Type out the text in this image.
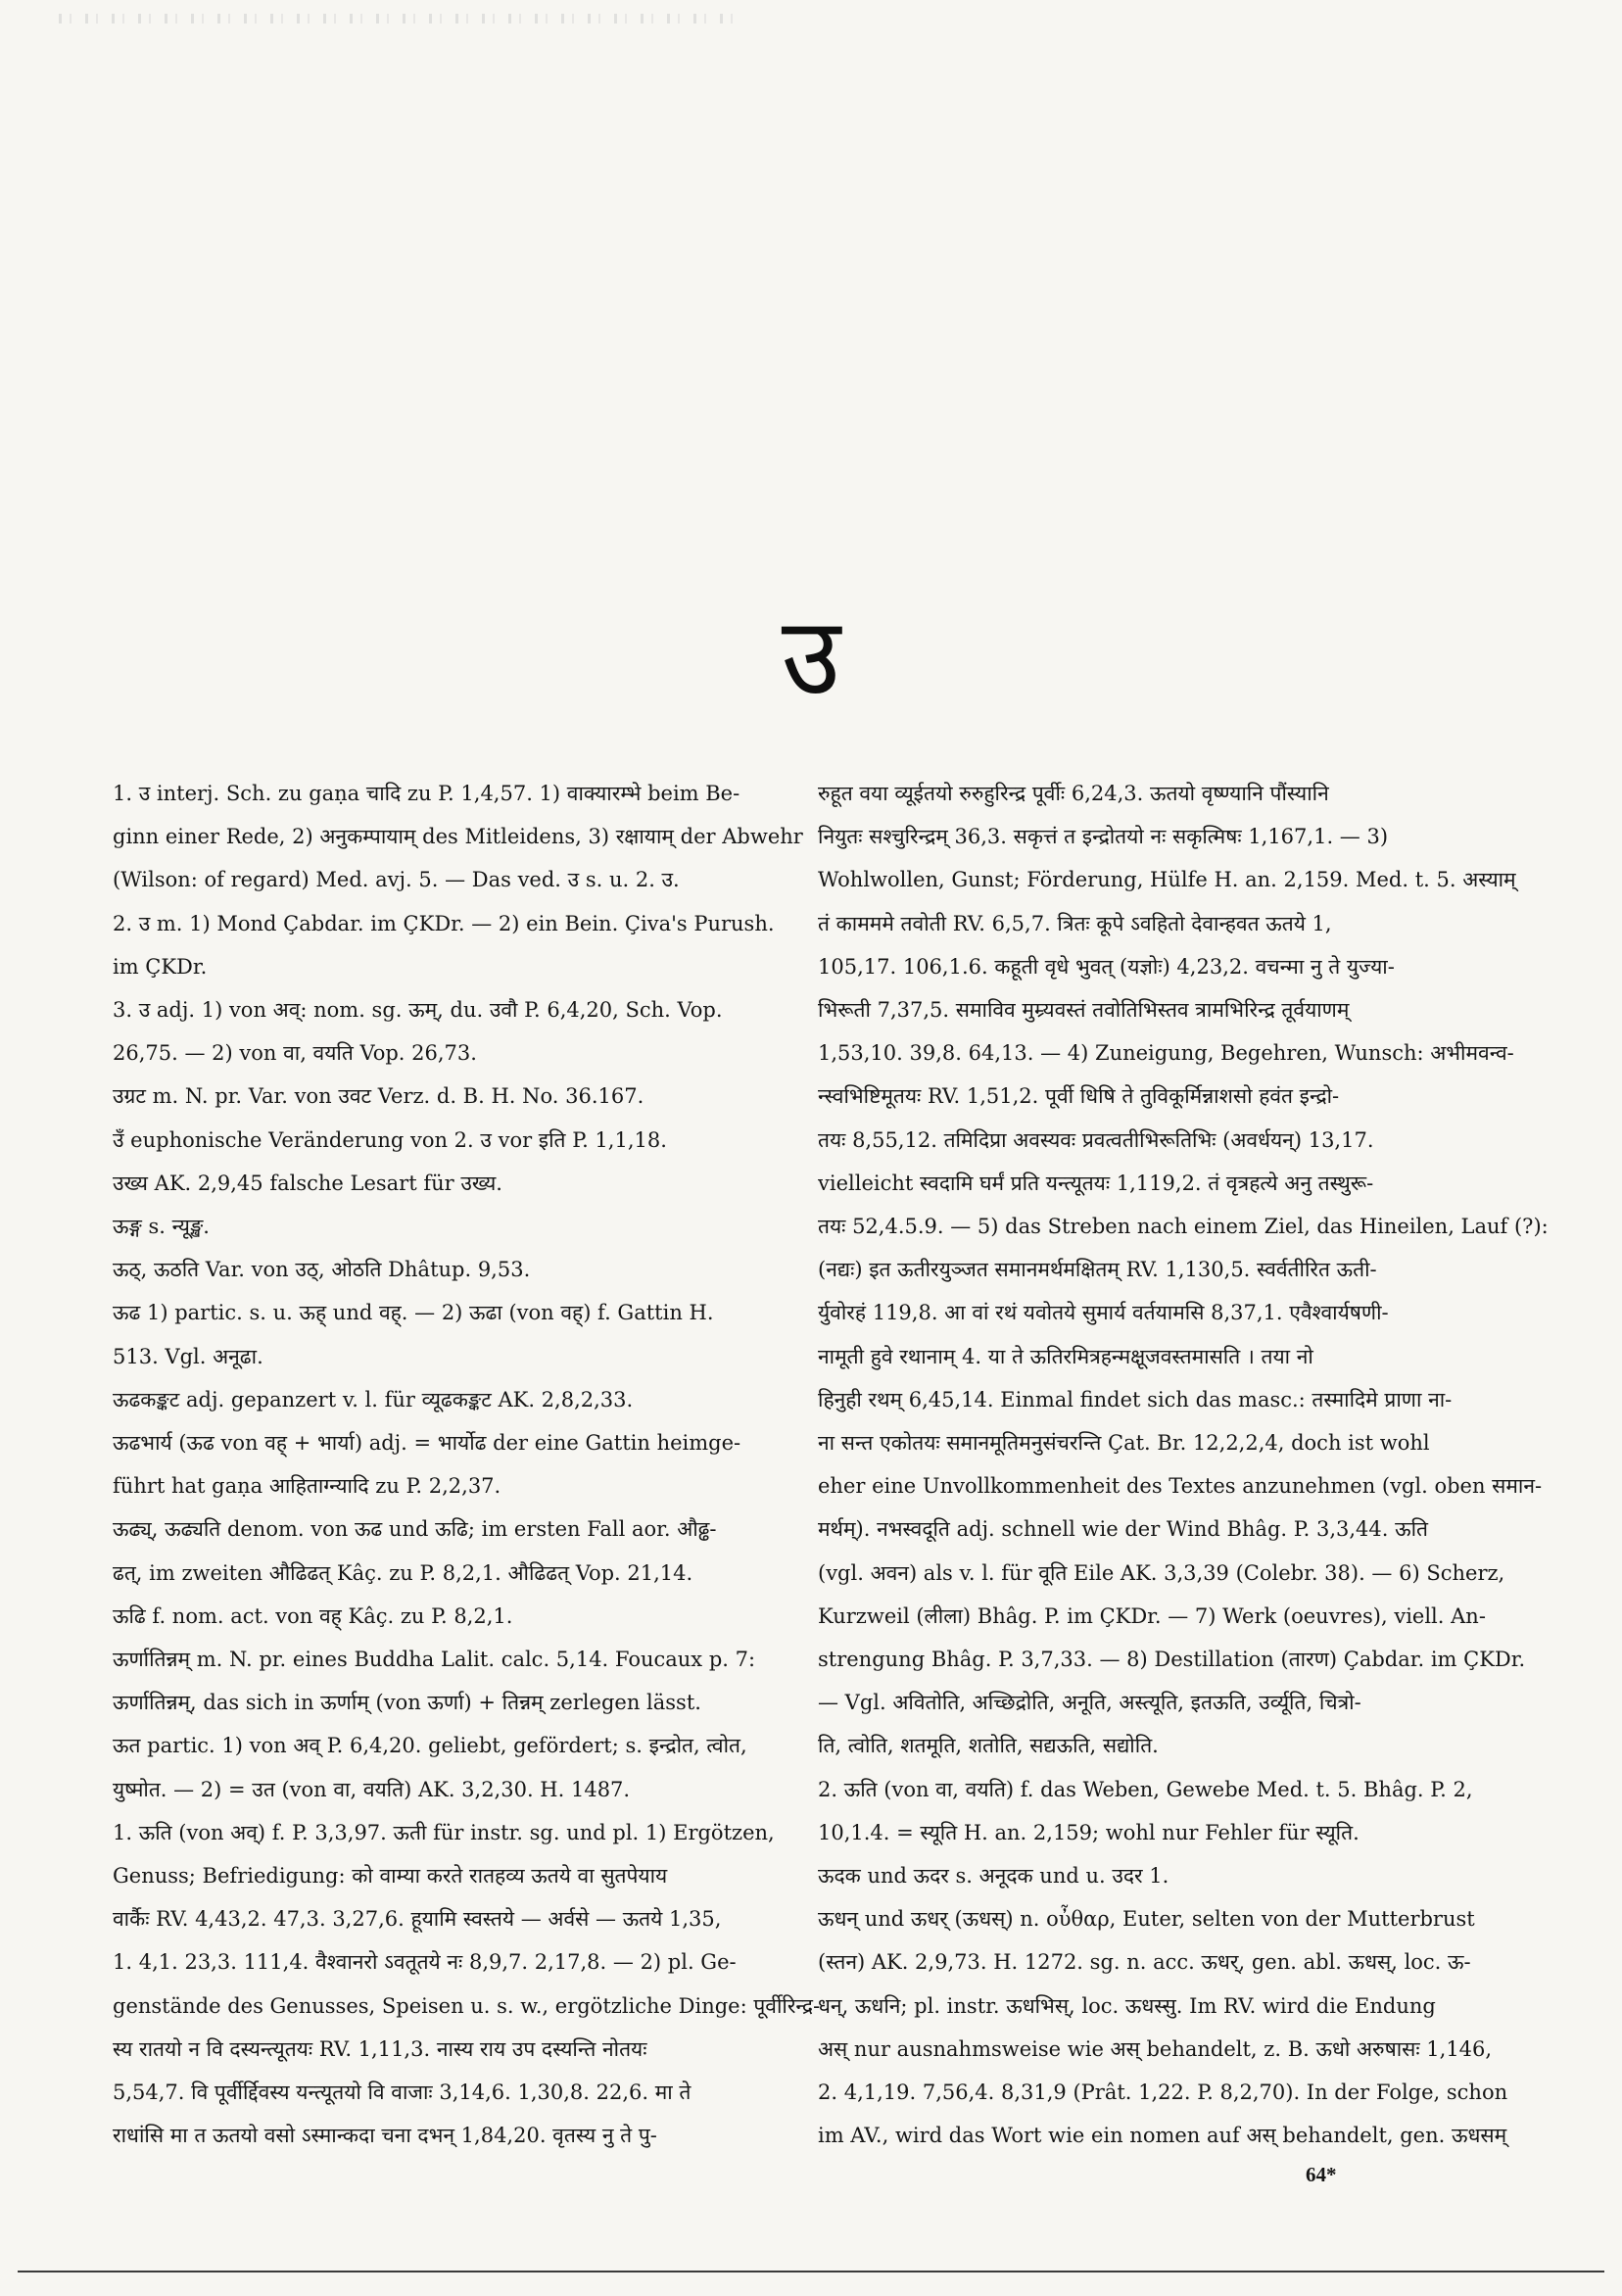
उ
1. उ interj. Sch. zu gaṇa चादि zu P. 1,4,57. 1) वाक्यारम्भे beim Be-
ginn einer Rede, 2) अनुकम्पायाम् des Mitleidens, 3) रक्षायाम् der Abwehr
(Wilson: of regard) Med. avj. 5. — Das ved. उ s. u. 2. उ.
2. उ m. 1) Mond Çabdar. im ÇKDr. — 2) ein Bein. Çiva's Purush.
im ÇKDr.
3. उ adj. 1) von अव्: nom. sg. ऊम्, du. उवौ P. 6,4,20, Sch. Vop.
26,75. — 2) von वा, वयति Vop. 26,73.
उग्रट m. N. pr. Var. von उवट Verz. d. B. H. No. 36.167.
उँ euphonische Veränderung von 2. उ vor इति P. 1,1,18.
उख्य AK. 2,9,45 falsche Lesart für उख्य.
ऊङ्ग s. न्यूङ्ख.
ऊठ्, ऊठति Var. von उठ्, ओठति Dhâtup. 9,53.
ऊढ 1) partic. s. u. ऊह् und वह्. — 2) ऊढा (von वह्) f. Gattin H.
513. Vgl. अनूढा.
ऊढकङ्कट adj. gepanzert v. l. für व्यूढकङ्कट AK. 2,8,2,33.
ऊढभार्य (ऊढ von वह् + भार्या) adj. = भार्योढ der eine Gattin heimge-
führt hat gaṇa आहिताग्न्यादि zu P. 2,2,37.
ऊढ्य्, ऊढ्यति denom. von ऊढ und ऊढि; im ersten Fall aor. औढ्ढ-
ढत्, im zweiten औढिढत् Kâç. zu P. 8,2,1. औढिढत् Vop. 21,14.
ऊढि f. nom. act. von वह् Kâç. zu P. 8,2,1.
ऊर्णातिन्नम् m. N. pr. eines Buddha Lalit. calc. 5,14. Foucaux p. 7:
ऊर्णातिन्नम्, das sich in ऊर्णाम् (von ऊर्णा) + तिन्नम् zerlegen lässt.
ऊत partic. 1) von अव् P. 6,4,20. geliebt, gefördert; s. इन्द्रोत, त्वोत,
युष्मोत. — 2) = उत (von वा, वयति) AK. 3,2,30. H. 1487.
1. ऊति (von अव्) f. P. 3,3,97. ऊती für instr. sg. und pl. 1) Ergötzen,
Genuss; Befriedigung: को वाम्या करते रातहव्य ऊतये वा सुतपेयाय
वार्कैः RV. 4,43,2. 47,3. 3,27,6. हूयामि स्वस्तये — अर्वसे — ऊतये 1,35,
1. 4,1. 23,3. 111,4. वैश्वानरो ऽवतूतये नः 8,9,7. 2,17,8. — 2) pl. Ge-
genstände des Genusses, Speisen u. s. w., ergötzliche Dinge: पूर्वीरिन्द्र-
स्य रातयो न वि दस्यन्त्यूतयः RV. 1,11,3. नास्य राय उप दस्यन्ति नोतयः
5,54,7. वि पूर्वीर्द्दिवस्य यन्त्यूतयो वि वाजाः 3,14,6. 1,30,8. 22,6. मा ते
राधांसि मा त ऊतयो वसो ऽस्मान्कदा चना दभन् 1,84,20. वृतस्य नु ते पु-
रुहूत वया व्यूईतयो रुरुहुरिन्द्र पूर्वीः 6,24,3. ऊतयो वृष्ण्यानि पौंस्यानि
नियुतः सश्चुरिन्द्रम् 36,3. सकृत्तं त इन्द्रोतयो नः सकृत्मिषः 1,167,1. — 3)
Wohlwollen, Gunst; Förderung, Hülfe H. an. 2,159. Med. t. 5. अस्याम्
तं कामममे तवोती RV. 6,5,7. त्रितः कूपे ऽवहितो देवान्हवत ऊतये 1,
105,17. 106,1.6. कहूती वृधे भुवत् (यज्ञोः) 4,23,2. वचन्मा नु ते युज्या-
भिरूती 7,37,5. समाविव मुम्र्यवस्तं तवोतिभिस्तव त्रामभिरिन्द्र तूर्वयाणम्
1,53,10. 39,8. 64,13. — 4) Zuneigung, Begehren, Wunsch: अभीमवन्व-
न्स्वभिष्टिमूतयः RV. 1,51,2. पूर्वी धिषि ते तुविकूर्मिन्नाशसो हवंत इन्द्रो-
तयः 8,55,12. तमिदिप्रा अवस्यवः प्रवत्वतीभिरूतिभिः (अवर्धयन्) 13,17.
vielleicht स्वदामि घर्मं प्रति यन्त्यूतयः 1,119,2. तं वृत्रहत्ये अनु तस्थुरू-
तयः 52,4.5.9. — 5) das Streben nach einem Ziel, das Hineilen, Lauf (?):
(नद्यः) इत ऊतीरयुञ्जत समानमर्थमक्षितम् RV. 1,130,5. स्वर्वतीरित ऊती-
र्युवोरहं 119,8. आ वां रथं यवोतये सुमार्य वर्तयामसि 8,37,1. एवैश्वार्यषणी-
नामूती हुवे रथानाम् 4. या ते ऊतिरमित्रहन्मक्षूजवस्तमासति । तया नो
हिनुही रथम् 6,45,14. Einmal findet sich das masc.: तस्मादिमे प्राणा ना-
ना सन्त एकोतयः समानमूतिमनुसंचरन्ति Çat. Br. 12,2,2,4, doch ist wohl
eher eine Unvollkommenheit des Textes anzunehmen (vgl. oben समान-
मर्थम्). नभस्वदूति adj. schnell wie der Wind Bhâg. P. 3,3,44. ऊति
(vgl. अवन) als v. l. für वूति Eile AK. 3,3,39 (Colebr. 38). — 6) Scherz,
Kurzweil (लीला) Bhâg. P. im ÇKDr. — 7) Werk (oeuvres), viell. An-
strengung Bhâg. P. 3,7,33. — 8) Destillation (तारण) Çabdar. im ÇKDr.
— Vgl. अवितोति, अच्छिद्रोति, अनूति, अस्त्यूति, इतऊति, उर्व्यूति, चित्रो-
ति, त्वोति, शतमूति, शतोति, सद्यऊति, सद्योति.
2. ऊति (von वा, वयति) f. das Weben, Gewebe Med. t. 5. Bhâg. P. 2,
10,1.4. = स्यूति H. an. 2,159; wohl nur Fehler für स्यूति.
ऊदक und ऊदर s. अनूदक und u. उदर 1.
ऊधन् und ऊधर् (ऊधस्) n. οὖθαρ, Euter, selten von der Mutterbrust
(स्तन) AK. 2,9,73. H. 1272. sg. n. acc. ऊधर्, gen. abl. ऊधस्, loc. ऊ-
धन्, ऊधनि; pl. instr. ऊधभिस्, loc. ऊधस्सु. Im RV. wird die Endung
अस् nur ausnahmsweise wie अस् behandelt, z. B. ऊधो अरुषासः 1,146,
2. 4,1,19. 7,56,4. 8,31,9 (Prât. 1,22. P. 8,2,70). In der Folge, schon
im AV., wird das Wort wie ein nomen auf अस् behandelt, gen. ऊधसम्
64*
